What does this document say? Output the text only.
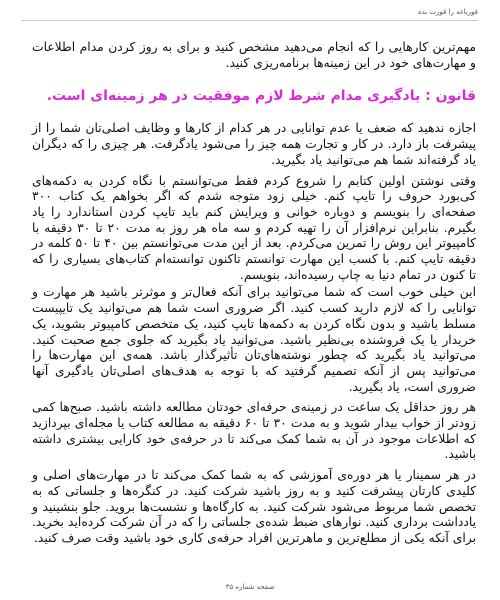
قورباغه را قورت بده

مهم‌ترین کارهایی را که انجام می‌دهید مشخص کنید و برای به روز کردن مدام اطلاعات و مهارت‌های خود در این زمینه‌ها برنامه‌ریزی کنید.

قانون : یادگیری مدام شرط لازم موفقیت در هر زمینه‌ای است.

اجازه ندهید که ضعف یا عدم توانایی در هر کدام از کارها و وظایف اصلی‌تان شما را از پیشرفت باز دارد. در کار و تجارت همه چیز را می‌شود یادگرفت. هر چیزی را که دیگران یاد گرفته‌اند شما هم می‌توانید یاد بگیرید.

وقتی نوشتن اولین کتابم را شروع کردم فقط می‌توانستم با نگاه کردن به دکمه‌های کی‌بورد حروف را تایپ کنم. خیلی زود متوجه شدم که اگر بخواهم یک کتاب ۳۰۰ صفحه‌ای را بنویسم و دوباره خوانی و ویرایش کنم باید تایپ کردن استاندارد را یاد بگیرم. بنابراین نرم‌افزار آن را تهیه کردم و سه ماه هر روز به مدت ۲۰ تا ۳۰ دقیقه با کامپیوتر این روش را تمرین می‌کردم. بعد از این مدت می‌توانستم بین ۴۰ تا ۵۰ کلمه در دقیقه تایپ کنم. با کسب این مهارت توانستم تاکنون توانسته‌ام کتاب‌های بسیاری را که تا کنون در تمام دنیا به چاپ رسیده‌اند، بنویسم.

این خیلی خوب است که شما می‌توانید برای آنکه فعال‌تر و موثرتر باشید هر مهارت و توانایی را که لازم دارید کسب کنید. اگر ضروری است شما هم می‌توانید یک تایپیست مسلط باشید و بدون نگاه کردن به دکمه‌ها تایپ کنید، یک متخصص کامپیوتر بشوید، یک خریدار یا یک فروشنده بی‌نظیر باشید. می‌توانید یاد بگیرید که جلوی جمع صحبت کنید. می‌توانید یاد بگیرید که چطور نوشته‌های‌تان تأثیرگذار باشد. همه‌ی این مهارت‌ها را می‌توانید پس از آنکه تصمیم گرفتید که با توجه به هدف‌های اصلی‌تان یادگیری آنها ضروری است، یاد بگیرید.

هر روز حداقل یک ساعت در زمینه‌ی حرفه‌ای خودتان مطالعه داشته باشید. صبح‌ها کمی زودتر از خواب بیدار شوید و به مدت ۳۰ تا ۶۰ دقیقه به مطالعه کتاب یا مجله‌ای بپردازید که اطلاعات موجود در آن به شما کمک می‌کند تا در حرفه‌ی خود کارایی بیشتری داشته باشید.

در هر سمینار یا هر دوره‌ی آموزشی که به شما کمک می‌کند تا در مهارت‌های اصلی و کلیدی کارتان پیشرفت کنید و به روز باشید شرکت کنید. در کنگره‌ها و جلساتی که به تخصص شما مربوط می‌شود شرکت کنید. به کارگاه‌ها و نشست‌ها بروید. جلو بنشینید و یادداشت برداری کنید. نوارهای ضبط شده‌ی جلساتی را که در آن شرکت کرده‌اید بخرید. برای آنکه یکی از مطلع‌ترین و ماهرترین افراد حرفه‌ی کاری خود باشید وقت صرف کنید.

صفحه شماره ۳۵
